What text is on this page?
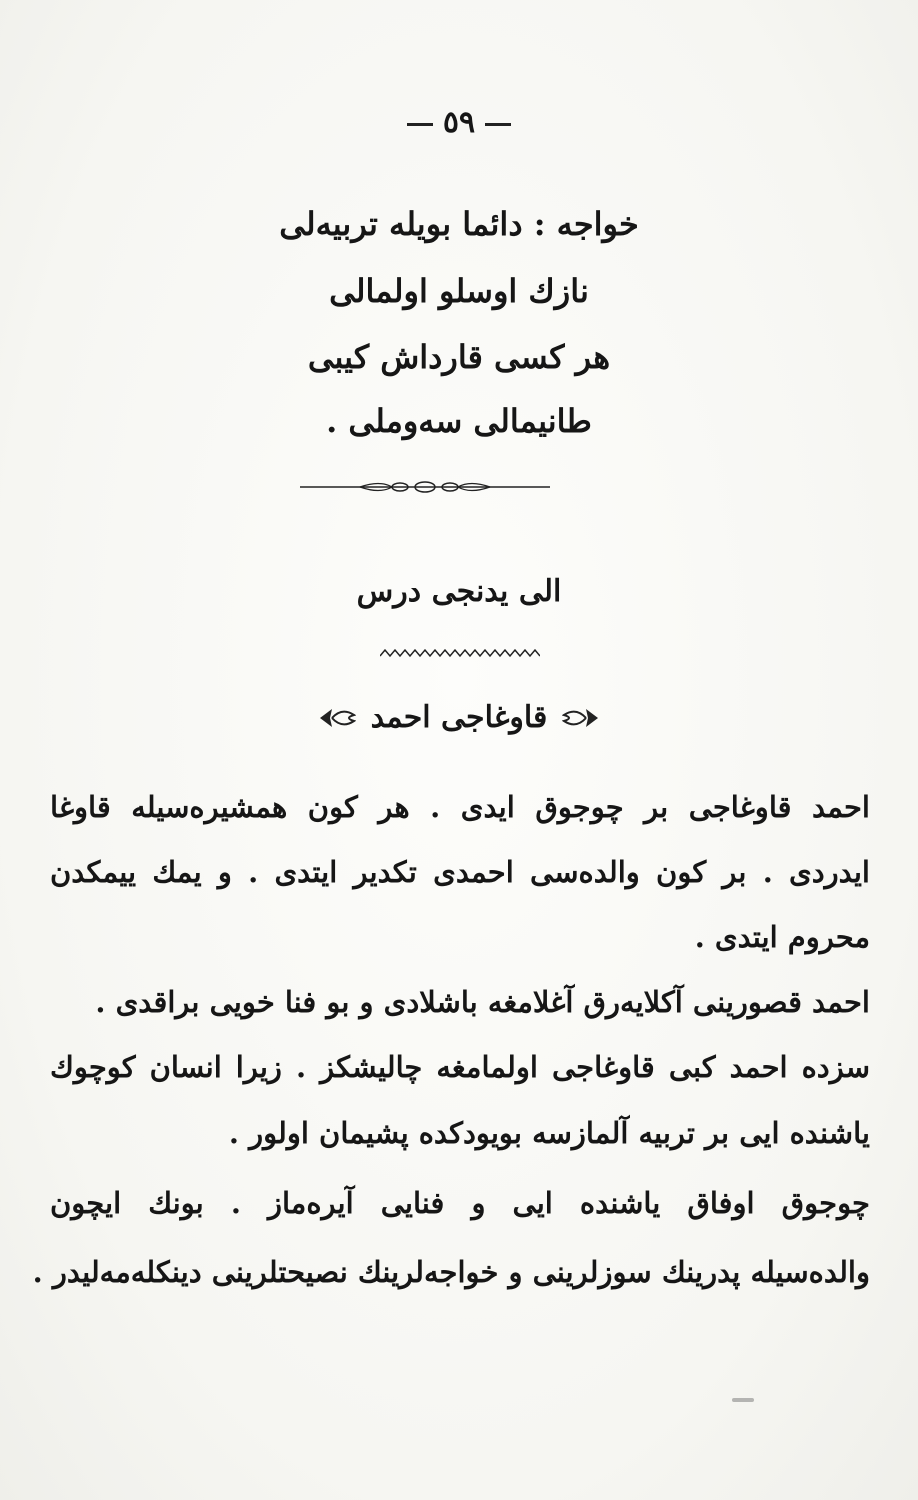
٥٩
خواجه : دائما بويله تربيه‌لى
نازك اوسلو اولمالى
هر كسى قارداش كيبى
طانيمالى سه‌وملى .
الى يدنجى درس
قاوغاجى احمد
احمد قاوغاجى بر چوجوق ايدى . هر كون همشيره‌سيله قاوغا
ايدردى . بر كون والده‌سى احمدى تكدير ايتدى . و يمك ييمكدن
محروم ايتدى .
احمد قصورينى آكلايه‌رق آغلامغه باشلادى و بو فنا خويى براقدى .
سزده احمد كبى قاوغاجى اولمامغه چاليشكز . زيرا انسان كوچوك
ياشنده ايى بر تربيه آلمازسه بويودكده پشيمان اولور .
چوجوق اوفاق ياشنده ايى و فنايى آيره‌ماز . بونك ايچون
والده‌سيله پدرينك سوزلرينى و خواجه‌لرينك نصيحتلرينى دينكله‌مه‌ليدر .
